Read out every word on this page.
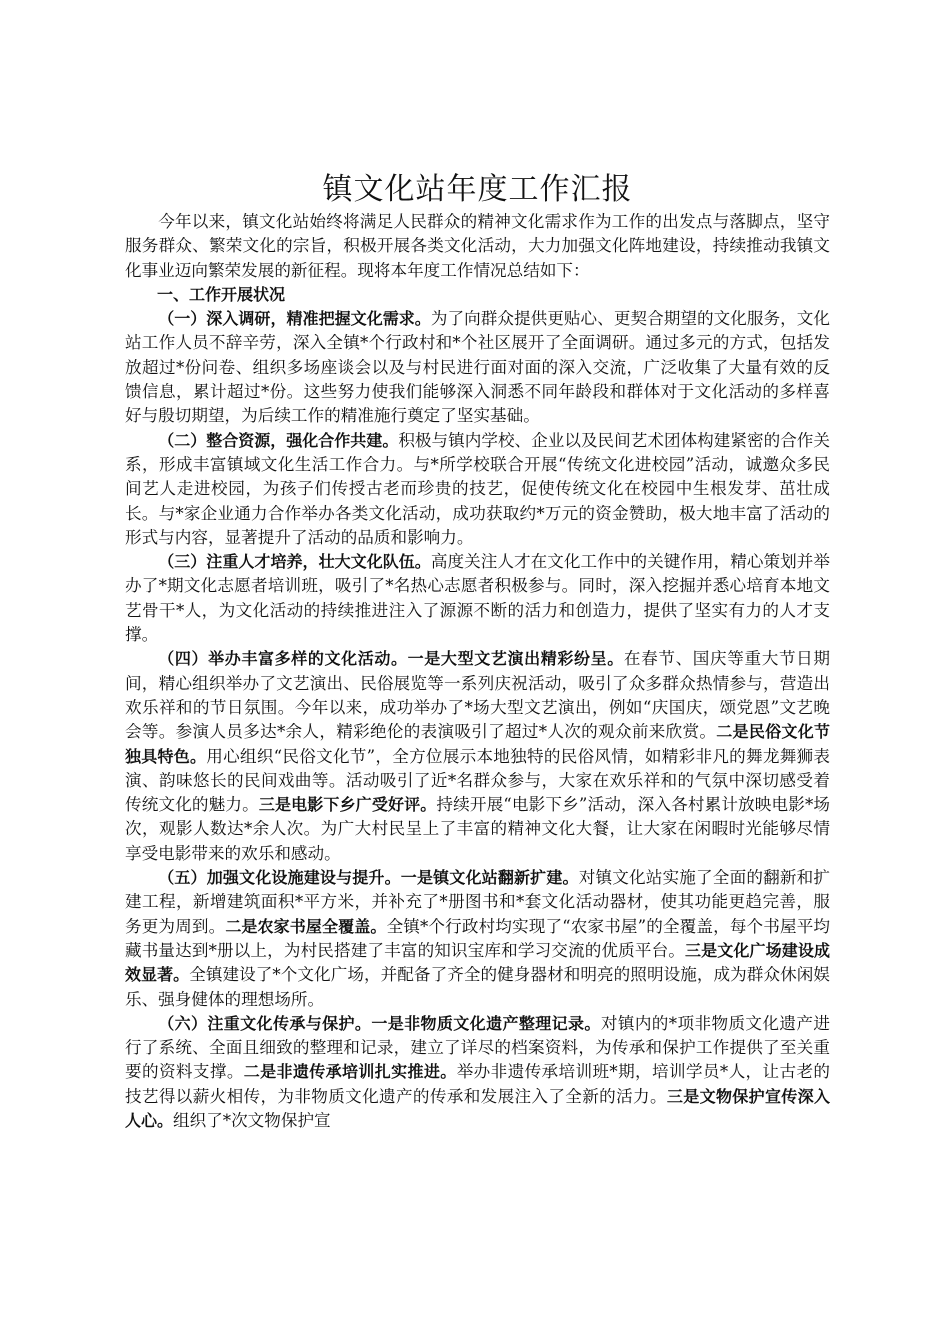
镇文化站年度工作汇报

今年以来，镇文化站始终将满足人民群众的精神文化需求作为工作的出发点与落脚点，坚守服务群众、繁荣文化的宗旨，积极开展各类文化活动，大力加强文化阵地建设，持续推动我镇文化事业迈向繁荣发展的新征程。现将本年度工作情况总结如下：

一、工作开展状况

（一）深入调研，精准把握文化需求。为了向群众提供更贴心、更契合期望的文化服务，文化站工作人员不辞辛劳，深入全镇*个行政村和*个社区展开了全面调研。通过多元的方式，包括发放超过*份问卷、组织多场座谈会以及与村民进行面对面的深入交流，广泛收集了大量有效的反馈信息，累计超过*份。这些努力使我们能够深入洞悉不同年龄段和群体对于文化活动的多样喜好与殷切期望，为后续工作的精准施行奠定了坚实基础。

（二）整合资源，强化合作共建。积极与镇内学校、企业以及民间艺术团体构建紧密的合作关系，形成丰富镇域文化生活工作合力。与*所学校联合开展“传统文化进校园”活动，诚邀众多民间艺人走进校园，为孩子们传授古老而珍贵的技艺，促使传统文化在校园中生根发芽、茁壮成长。与*家企业通力合作举办各类文化活动，成功获取约*万元的资金赞助，极大地丰富了活动的形式与内容，显著提升了活动的品质和影响力。

（三）注重人才培养，壮大文化队伍。高度关注人才在文化工作中的关键作用，精心策划并举办了*期文化志愿者培训班，吸引了*名热心志愿者积极参与。同时，深入挖掘并悉心培育本地文艺骨干*人，为文化活动的持续推进注入了源源不断的活力和创造力，提供了坚实有力的人才支撑。

（四）举办丰富多样的文化活动。一是大型文艺演出精彩纷呈。在春节、国庆等重大节日期间，精心组织举办了文艺演出、民俗展览等一系列庆祝活动，吸引了众多群众热情参与，营造出欢乐祥和的节日氛围。今年以来，成功举办了*场大型文艺演出，例如“庆国庆，颂党恩”文艺晚会等。参演人员多达*余人，精彩绝伦的表演吸引了超过*人次的观众前来欣赏。二是民俗文化节独具特色。用心组织“民俗文化节”，全方位展示本地独特的民俗风情，如精彩非凡的舞龙舞狮表演、韵味悠长的民间戏曲等。活动吸引了近*名群众参与，大家在欢乐祥和的气氛中深切感受着传统文化的魅力。三是电影下乡广受好评。持续开展“电影下乡”活动，深入各村累计放映电影*场次，观影人数达*余人次。为广大村民呈上了丰富的精神文化大餐，让大家在闲暇时光能够尽情享受电影带来的欢乐和感动。

（五）加强文化设施建设与提升。一是镇文化站翻新扩建。对镇文化站实施了全面的翻新和扩建工程，新增建筑面积*平方米，并补充了*册图书和*套文化活动器材，使其功能更趋完善，服务更为周到。二是农家书屋全覆盖。全镇*个行政村均实现了“农家书屋”的全覆盖，每个书屋平均藏书量达到*册以上，为村民搭建了丰富的知识宝库和学习交流的优质平台。三是文化广场建设成效显著。全镇建设了*个文化广场，并配备了齐全的健身器材和明亮的照明设施，成为群众休闲娱乐、强身健体的理想场所。

（六）注重文化传承与保护。一是非物质文化遗产整理记录。对镇内的*项非物质文化遗产进行了系统、全面且细致的整理和记录，建立了详尽的档案资料，为传承和保护工作提供了至关重要的资料支撑。二是非遗传承培训扎实推进。举办非遗传承培训班*期，培训学员*人，让古老的技艺得以薪火相传，为非物质文化遗产的传承和发展注入了全新的活力。三是文物保护宣传深入人心。组织了*次文物保护宣
